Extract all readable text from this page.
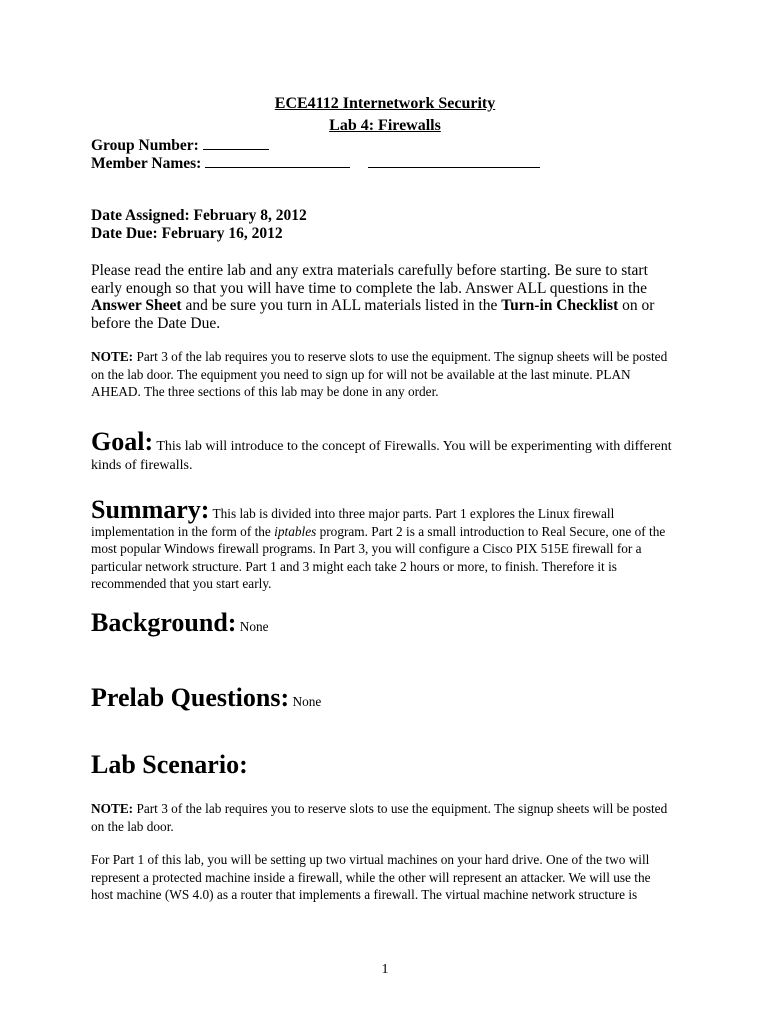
ECE4112 Internetwork Security
Lab 4: Firewalls
Group Number:
Member Names:
Date Assigned: February 8, 2012
Date Due: February 16, 2012
Please read the entire lab and any extra materials carefully before starting. Be sure to start early enough so that you will have time to complete the lab. Answer ALL questions in the Answer Sheet and be sure you turn in ALL materials listed in the Turn-in Checklist on or before the Date Due.
NOTE: Part 3 of the lab requires you to reserve slots to use the equipment. The signup sheets will be posted on the lab door. The equipment you need to sign up for will not be available at the last minute. PLAN AHEAD. The three sections of this lab may be done in any order.
Goal: This lab will introduce to the concept of Firewalls. You will be experimenting with different kinds of firewalls.
Summary: This lab is divided into three major parts. Part 1 explores the Linux firewall implementation in the form of the iptables program. Part 2 is a small introduction to Real Secure, one of the most popular Windows firewall programs. In Part 3, you will configure a Cisco PIX 515E firewall for a particular network structure. Part 1 and 3 might each take 2 hours or more, to finish. Therefore it is recommended that you start early.
Background: None
Prelab Questions: None
Lab Scenario:
NOTE: Part 3 of the lab requires you to reserve slots to use the equipment. The signup sheets will be posted on the lab door.
For Part 1 of this lab, you will be setting up two virtual machines on your hard drive. One of the two will represent a protected machine inside a firewall, while the other will represent an attacker. We will use the host machine (WS 4.0) as a router that implements a firewall. The virtual machine network structure is
1
